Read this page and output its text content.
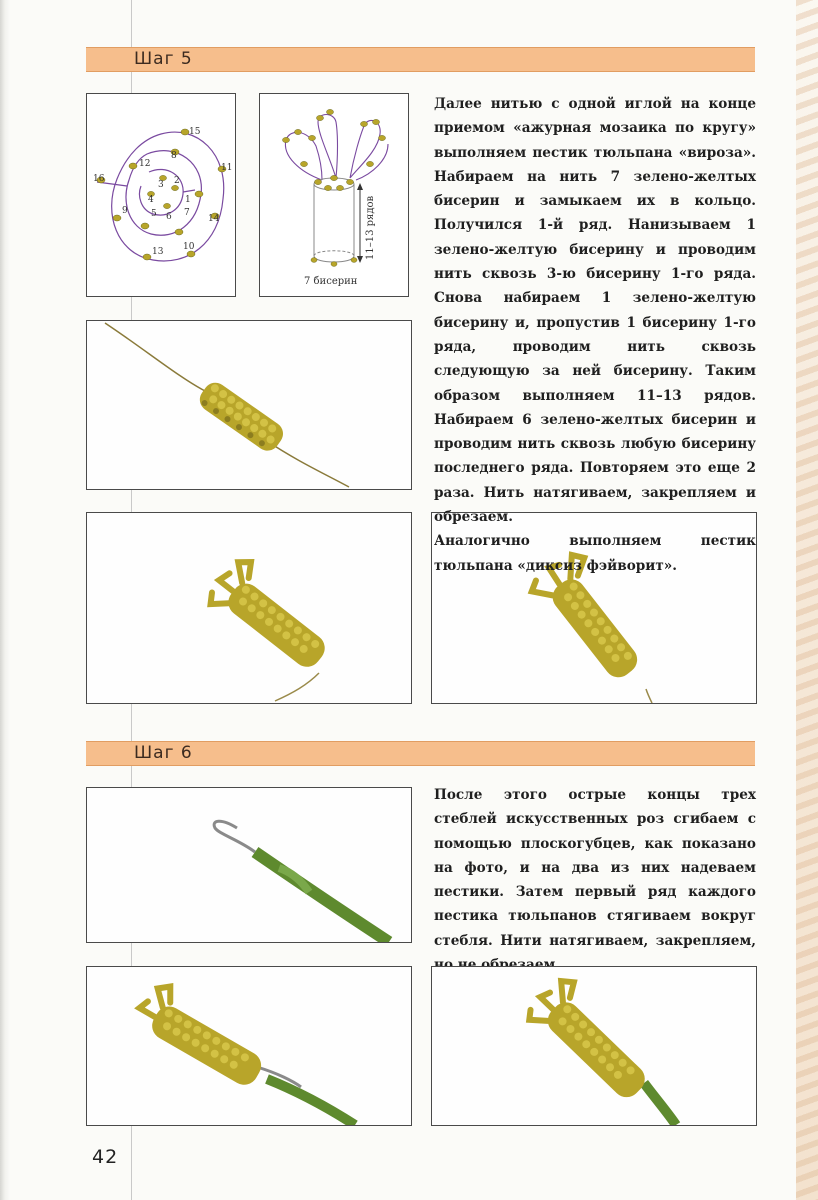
Шаг 5
15
11
14
10
13
9
16
12
8
1
2
3
4
5 6 7	11–13 рядов
7 бисерин

Далее нитью с одной иглой на конце приемом «ажурная мозаика по кругу» выполняем пестик тюльпана «вироза». Набираем на нить 7 зелено-желтых бисерин и замыкаем их в кольцо. Получился 1-й ряд. Нанизываем 1 зелено-желтую бисерину и проводим нить сквозь 3-ю бисерину 1-го ряда. Снова набираем 1 зелено-желтую бисерину и, пропустив 1 бисерину 1-го ряда, проводим нить сквозь следующую за ней бисерину. Таким образом выполняем 11–13 рядов. Набираем 6 зелено-желтых бисерин и проводим нить сквозь любую бисерину последнего ряда. Повторяем это еще 2 раза. Нить натягиваем, закрепляем и обрезаем.

Аналогично выполняем пестик тюльпана «диксиз фэйворит».

Шаг 6

После этого острые концы трех стеблей искусственных роз сгибаем с помощью плоскогубцев, как показано на фото, и на два из них надеваем пестики. Затем первый ряд каждого пестика тюльпанов стягиваем вокруг стебля. Нити натягиваем, закрепляем,

42
